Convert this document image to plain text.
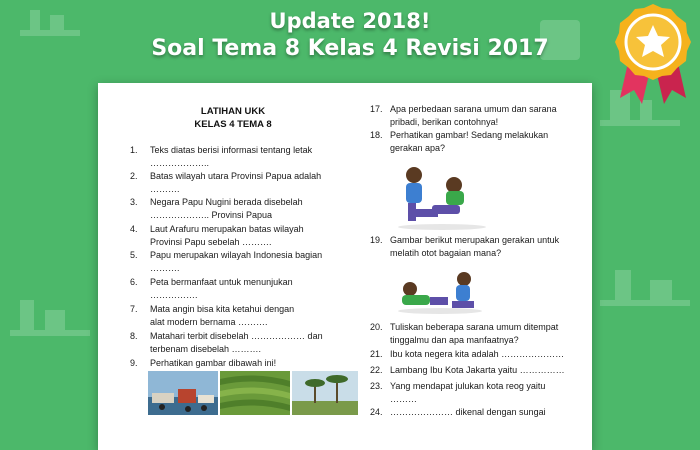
Update 2018!
Soal Tema 8 Kelas 4 Revisi 2017
LATIHAN UKK
KELAS 4 TEMA 8
1.	Teks diatas berisi informasi tentang letak
………………..
2.	Batas wilayah utara Provinsi Papua adalah
……….
3.	Negara Papu Nugini berada disebelah
……………….. Provinsi Papua
4.	Laut Arafuru merupakan batas wilayah
Provinsi Papu sebelah ……….
5.	Papu merupakan wilayah Indonesia bagian
……….
6.	Peta bermanfaat untuk menunjukan
…………….
7.	Mata angin bisa kita ketahui dengan
alat modern bernama ……….
8.	Matahari terbit disebelah ……………… dan
terbenam disebelah ……….
9.	Perhatikan gambar dibawah ini!
17. Apa perbedaan sarana umum dan sarana
pribadi, berikan contohnya!
18. Perhatikan gambar! Sedang melakukan
gerakan apa?
19. Gambar berikut merupakan gerakan untuk
melatih otot bagaian mana?
20. Tuliskan beberapa sarana umum ditempat
tinggalmu dan apa manfaatnya?
21. Ibu kota negera kita adalah …………………
22. Lambang Ibu Kota Jakarta yaitu ……………
23. Yang mendapat julukan kota reog yaitu
………
24. ………………… dikenal dengan sungai
